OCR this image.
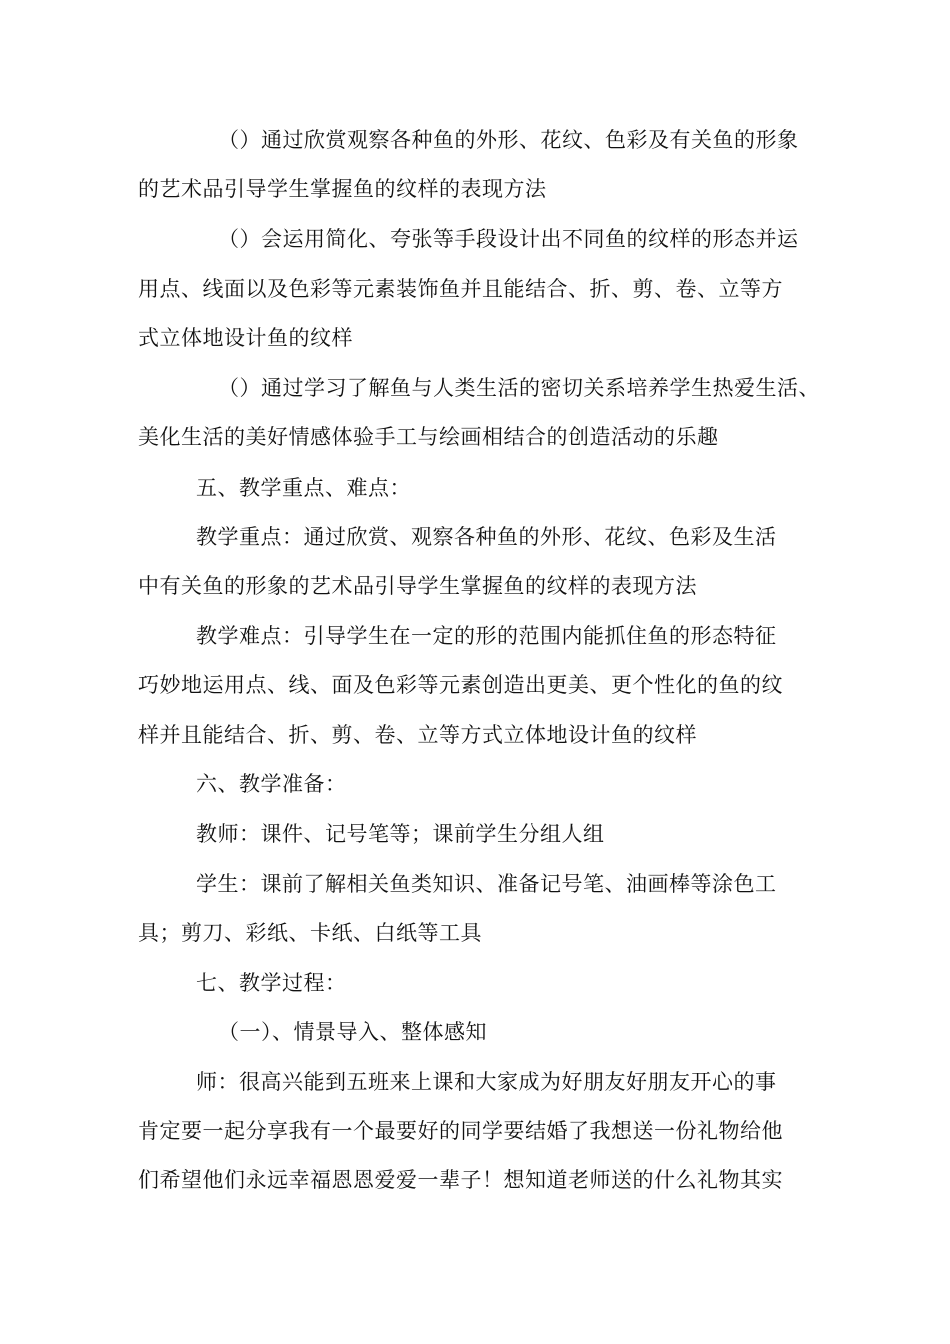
（）通过欣赏观察各种鱼的外形、花纹、色彩及有关鱼的形象
的艺术品引导学生掌握鱼的纹样的表现方法
（）会运用简化、夸张等手段设计出不同鱼的纹样的形态并运
用点、线面以及色彩等元素装饰鱼并且能结合、折、剪、卷、立等方
式立体地设计鱼的纹样
（）通过学习了解鱼与人类生活的密切关系培养学生热爱生活、
美化生活的美好情感体验手工与绘画相结合的创造活动的乐趣
五、教学重点、难点：
教学重点：通过欣赏、观察各种鱼的外形、花纹、色彩及生活
中有关鱼的形象的艺术品引导学生掌握鱼的纹样的表现方法
教学难点：引导学生在一定的形的范围内能抓住鱼的形态特征
巧妙地运用点、线、面及色彩等元素创造出更美、更个性化的鱼的纹
样并且能结合、折、剪、卷、立等方式立体地设计鱼的纹样
六、教学准备：
教师：课件、记号笔等；课前学生分组人组
学生：课前了解相关鱼类知识、准备记号笔、油画棒等涂色工
具；剪刀、彩纸、卡纸、白纸等工具
七、教学过程：
（一）、情景导入、整体感知
师：很高兴能到五班来上课和大家成为好朋友好朋友开心的事
肯定要一起分享我有一个最要好的同学要结婚了我想送一份礼物给他
们希望他们永远幸福恩恩爱爱一辈子！想知道老师送的什么礼物其实
